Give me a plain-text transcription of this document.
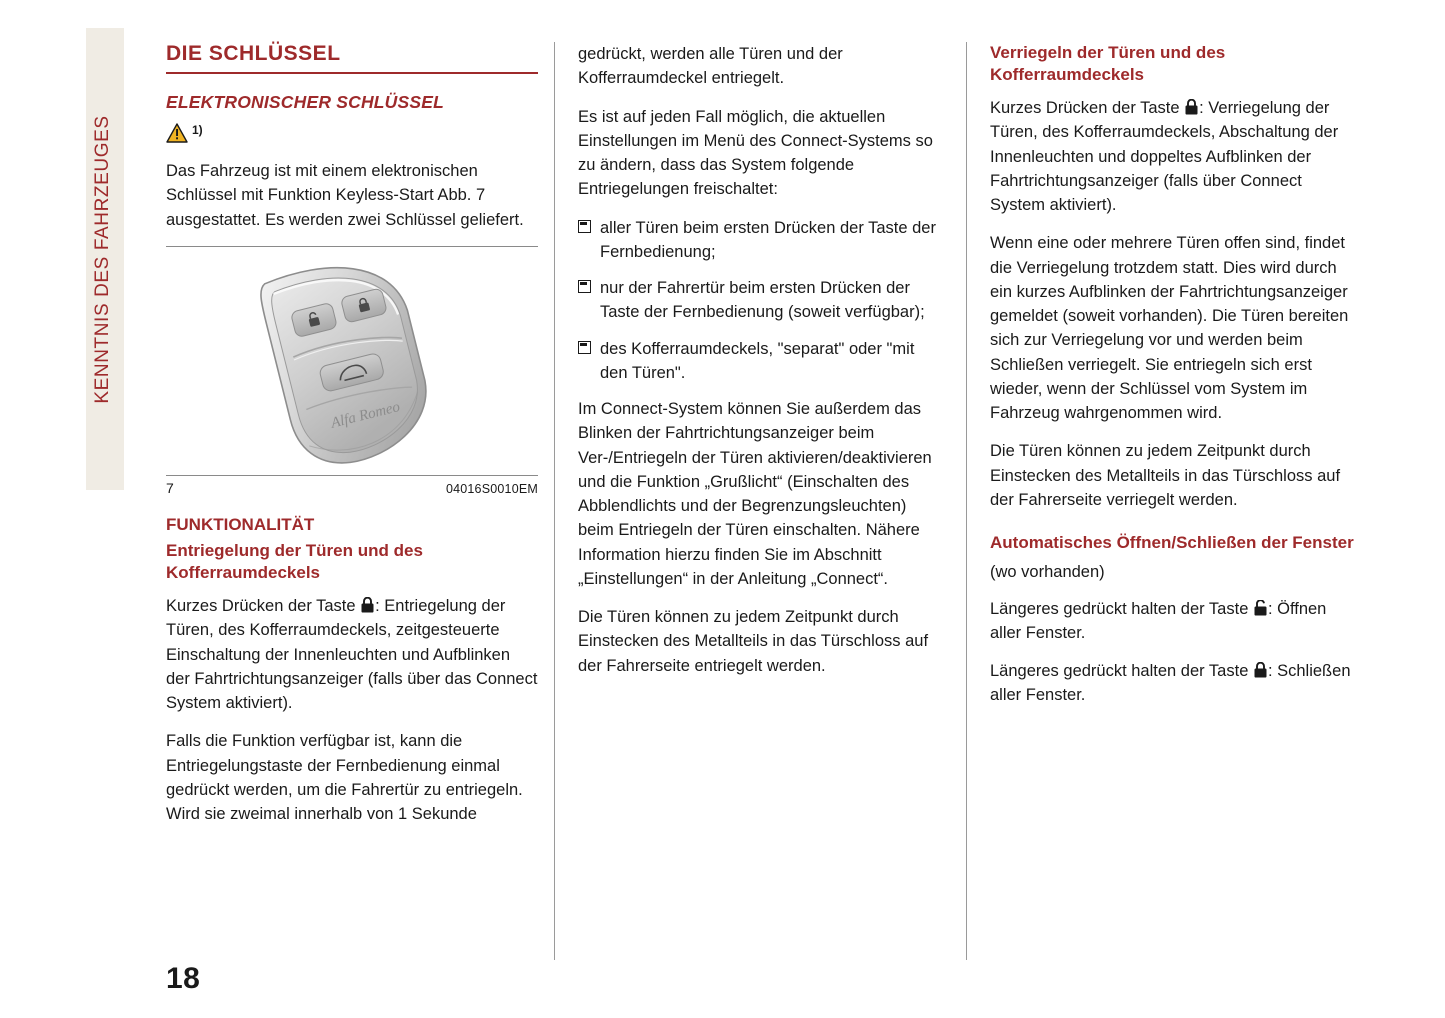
KENNTNIS DES FAHRZEUGES
DIE SCHLÜSSEL
ELEKTRONISCHER SCHLÜSSEL
1)

Das Fahrzeug ist mit einem elektronischen Schlüssel mit Funktion Keyless-Start Abb. 7 ausgestattet. Es werden zwei Schlüssel geliefert.

Alfa Romeo
7	04016S0010EM
FUNKTIONALITÄT
Entriegelung der Türen und des Kofferraumdeckels

Kurzes Drücken der Taste : Entriegelung der Türen, des Kofferraumdeckels, zeitgesteuerte Einschaltung der Innenleuchten und Aufblinken der Fahrtrichtungsanzeiger (falls über das Connect System aktiviert).

Falls die Funktion verfügbar ist, kann die Entriegelungstaste der Fernbedienung einmal gedrückt werden, um die Fahrertür zu entriegeln. Wird sie zweimal innerhalb von 1 Sekunde

gedrückt, werden alle Türen und der Kofferraumdeckel entriegelt.

Es ist auf jeden Fall möglich, die aktuellen Einstellungen im Menü des Connect-Systems so zu ändern, dass das System folgende Entriegelungen freischaltet:

aller Türen beim ersten Drücken der Taste der Fernbedienung;
nur der Fahrertür beim ersten Drücken der Taste der Fernbedienung (soweit verfügbar);
des Kofferraumdeckels, "separat" oder "mit den Türen".

Im Connect-System können Sie außerdem das Blinken der Fahrtrichtungsanzeiger beim Ver-/Entriegeln der Türen aktivieren/deaktivieren und die Funktion „Grußlicht“ (Einschalten des Abblendlichts und der Begrenzungsleuchten) beim Entriegeln der Türen einschalten. Nähere Information hierzu finden Sie im Abschnitt „Einstellungen“ in der Anleitung „Connect“.

Die Türen können zu jedem Zeitpunkt durch Einstecken des Metallteils in das Türschloss auf der Fahrerseite entriegelt werden.

Verriegeln der Türen und des Kofferraumdeckels

Kurzes Drücken der Taste : Verriegelung der Türen, des Kofferraumdeckels, Abschaltung der Innenleuchten und doppeltes Aufblinken der Fahrtrichtungsanzeiger (falls über Connect System aktiviert).

Wenn eine oder mehrere Türen offen sind, findet die Verriegelung trotzdem statt. Dies wird durch ein kurzes Aufblinken der Fahrtrichtungsanzeiger gemeldet (soweit vorhanden). Die Türen bereiten sich zur Verriegelung vor und werden beim Schließen verriegelt. Sie entriegeln sich erst wieder, wenn der Schlüssel vom System im Fahrzeug wahrgenommen wird.

Die Türen können zu jedem Zeitpunkt durch Einstecken des Metallteils in das Türschloss auf der Fahrerseite verriegelt werden.

Automatisches Öffnen/Schließen der Fenster

(wo vorhanden)

Längeres gedrückt halten der Taste : Öffnen aller Fenster.

Längeres gedrückt halten der Taste : Schließen aller Fenster.

18
